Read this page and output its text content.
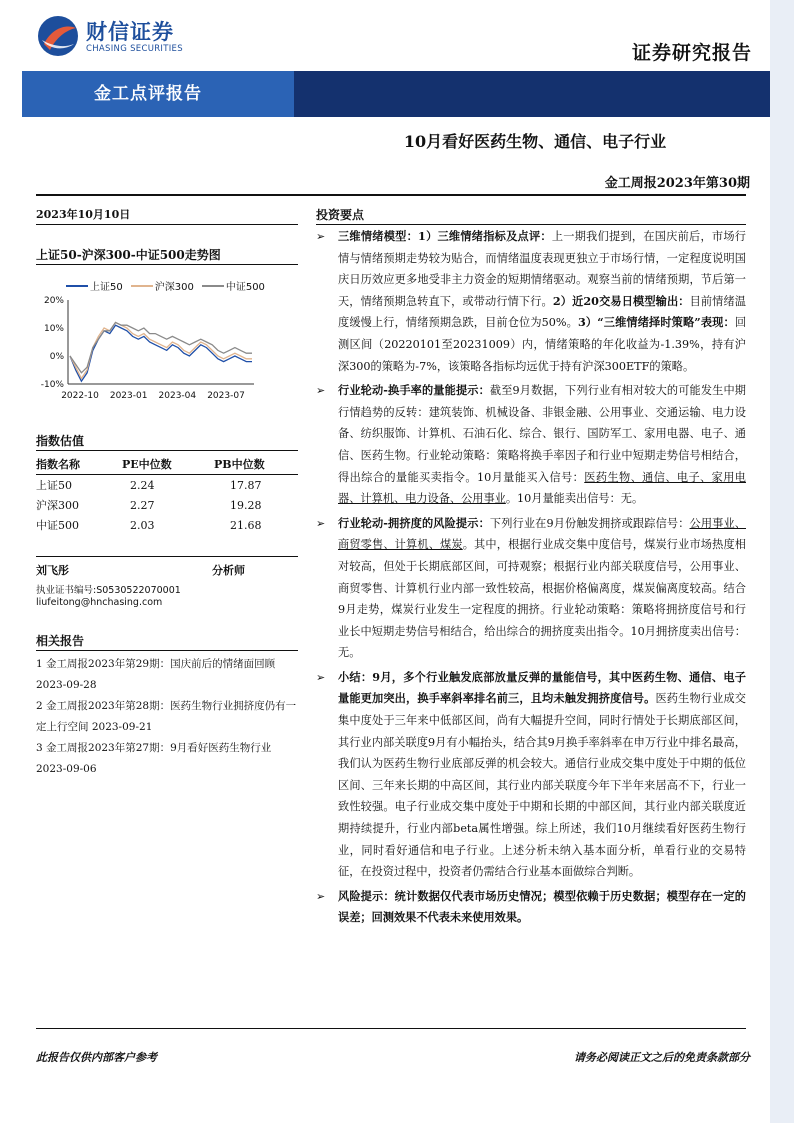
财信证券
CHASING SECURITIES	证券研究报告
金工点评报告
10月看好医药生物、通信、电子行业
金工周报2023年第30期
2023年10月10日
上证50-沪深300-中证500走势图
上证50	沪深300	中证500
20%
10%
0%
-10%
2022-10 2023-01 2023-04 2023-07
指数估值
指数名称	PE中位数	PB中位数
上证50	2.24	17.87
沪深300	2.27	19.28
中证500	2.03	21.68
刘飞彤	分析师
执业证书编号:S0530522070001
liufeitong@hnchasing.com
相关报告
1 金工周报2023年第29期：国庆前后的情绪面回顾 2023-09-28
2 金工周报2023年第28期：医药生物行业拥挤度仍有一定上行空间 2023-09-21
3 金工周报2023年第27期：9月看好医药生物行业 2023-09-06
投资要点
➢ 三维情绪模型：1）三维情绪指标及点评：上一期我们提到，在国庆前后，市场行情与情绪预期走势较为贴合，而情绪温度表现更独立于市场行情，一定程度说明国庆日历效应更多地受非主力资金的短期情绪驱动。观察当前的情绪预期，节后第一天，情绪预期急转直下，或带动行情下行。2）近20交易日模型输出：目前情绪温度缓慢上行，情绪预期急跌，目前仓位为50%。3）“三维情绪择时策略”表现：回测区间（20220101至20231009）内，情绪策略的年化收益为-1.39%，持有沪深300的策略为-7%，该策略各指标均远优于持有沪深300ETF的策略。
➢ 行业轮动-换手率的量能提示：截至9月数据，下列行业有相对较大的可能发生中期行情趋势的反转：建筑装饰、机械设备、非银金融、公用事业、交通运输、电力设备、纺织服饰、计算机、石油石化、综合、银行、国防军工、家用电器、电子、通信、医药生物。行业轮动策略：策略将换手率因子和行业中短期走势信号相结合，得出综合的量能买卖指令。10月量能买入信号：医药生物、通信、电子、家用电器、计算机、电力设备、公用事业。10月量能卖出信号：无。
➢ 行业轮动-拥挤度的风险提示：下列行业在9月份触发拥挤或跟踪信号：公用事业、商贸零售、计算机、煤炭。其中，根据行业成交集中度信号，煤炭行业市场热度相对较高，但处于长期底部区间，可持观察；根据行业内部关联度信号，公用事业、商贸零售、计算机行业内部一致性较高，根据价格偏离度，煤炭偏离度较高。结合9月走势，煤炭行业发生一定程度的拥挤。行业轮动策略：策略将拥挤度信号和行业长中短期走势信号相结合，给出综合的拥挤度卖出指令。10月拥挤度卖出信号：无。
➢ 小结：9月，多个行业触发底部放量反弹的量能信号，其中医药生物、通信、电子量能更加突出，换手率斜率排名前三，且均未触发拥挤度信号。医药生物行业成交集中度处于三年来中低部区间，尚有大幅提升空间，同时行情处于长期底部区间，其行业内部关联度9月有小幅抬头，结合其9月换手率斜率在申万行业中排名最高，我们认为医药生物行业底部反弹的机会较大。通信行业成交集中度处于中期的低位区间、三年来长期的中高区间，其行业内部关联度今年下半年来居高不下，行业一致性较强。电子行业成交集中度处于中期和长期的中部区间，其行业内部关联度近期持续提升，行业内部beta属性增强。综上所述，我们10月继续看好医药生物行业，同时看好通信和电子行业。上述分析未纳入基本面分析，单看行业的交易特征，在投资过程中，投资者仍需结合行业基本面做综合判断。
➢ 风险提示：统计数据仅代表市场历史情况；模型依赖于历史数据；模型存在一定的误差；回测效果不代表未来使用效果。
此报告仅供内部客户参考	请务必阅读正文之后的免责条款部分
